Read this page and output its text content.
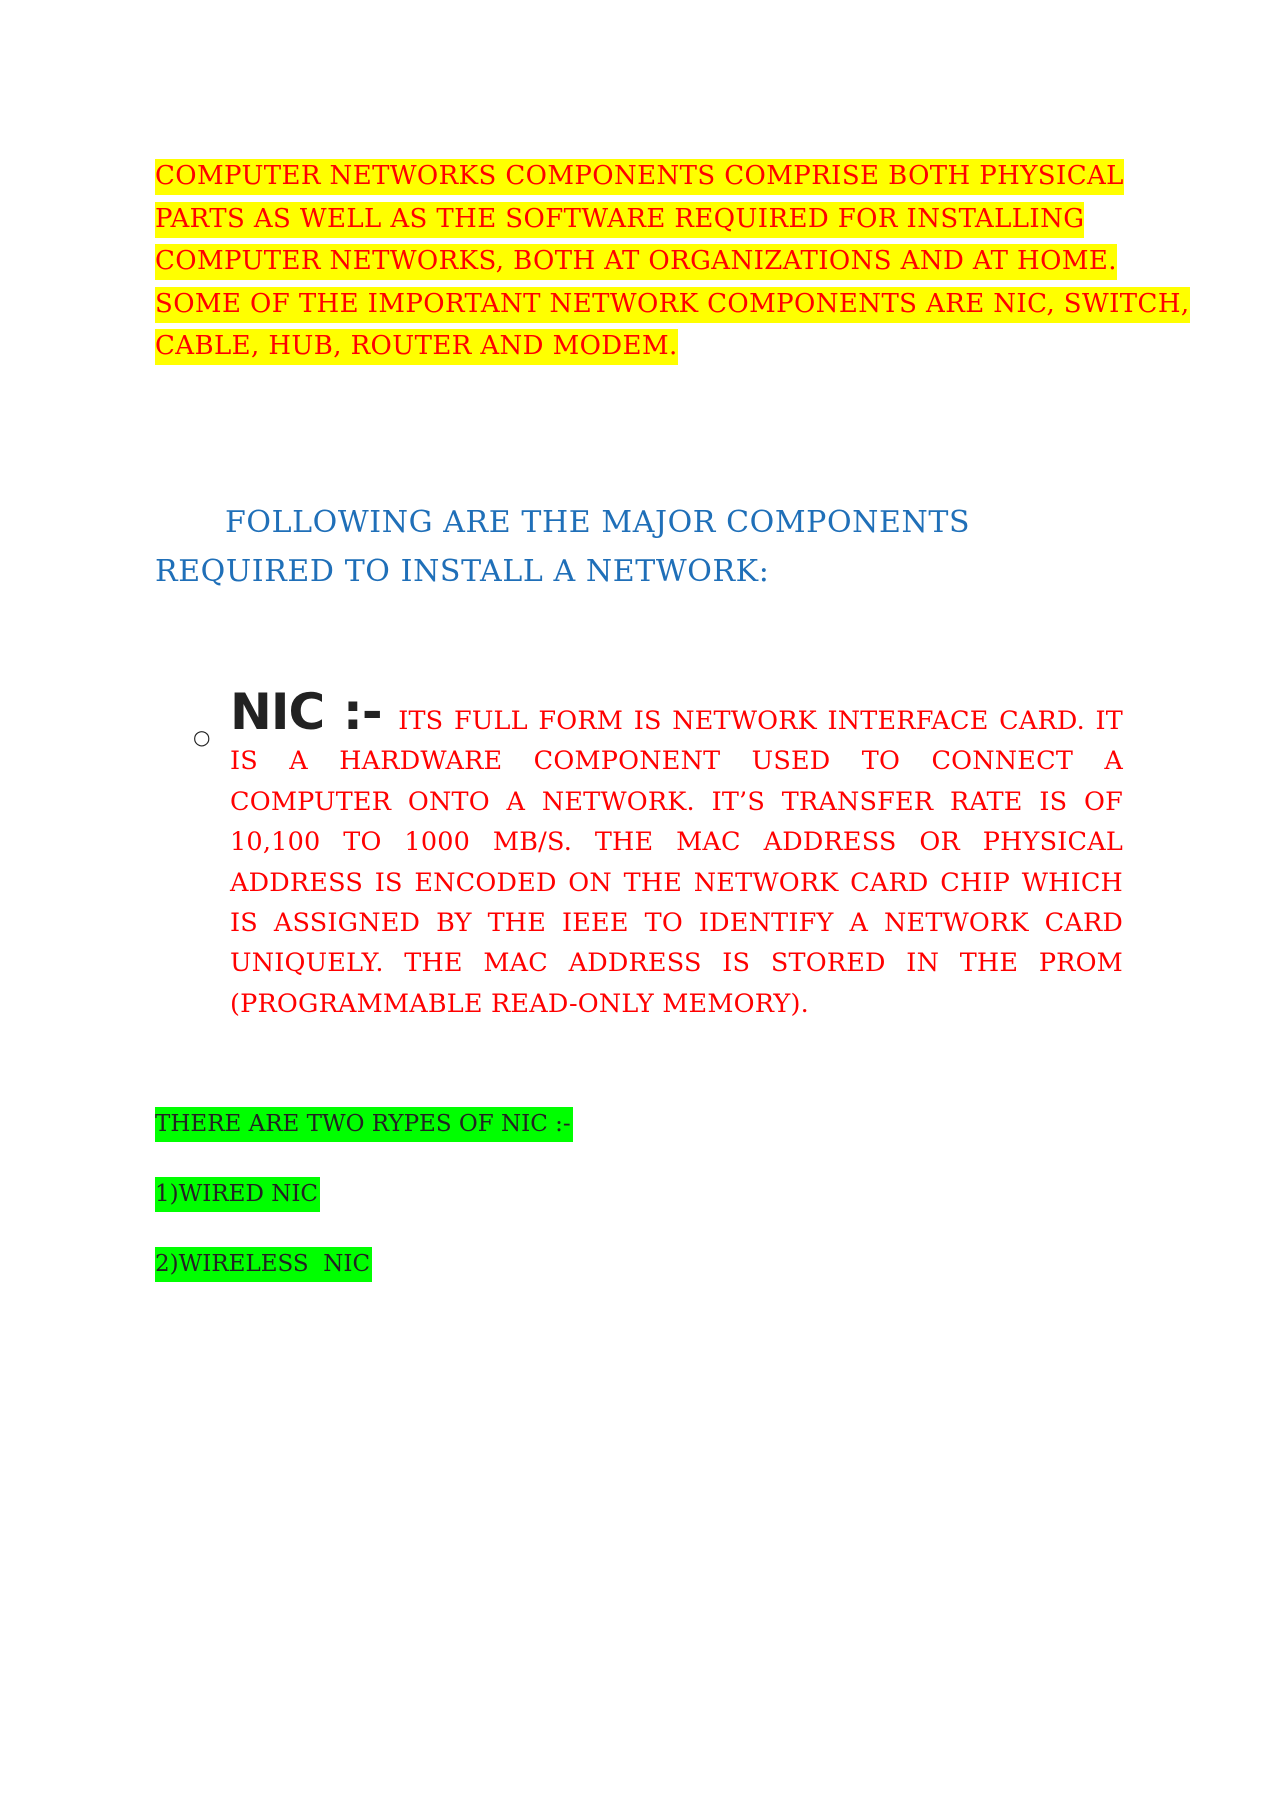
COMPUTER NETWORKS COMPONENTS COMPRISE BOTH PHYSICAL
PARTS AS WELL AS THE SOFTWARE REQUIRED FOR INSTALLING
COMPUTER NETWORKS, BOTH AT ORGANIZATIONS AND AT HOME.
SOME OF THE IMPORTANT NETWORK COMPONENTS ARE NIC, SWITCH,
CABLE, HUB, ROUTER AND MODEM.
FOLLOWING ARE THE MAJOR COMPONENTS REQUIRED TO INSTALL A NETWORK:
○ NIC :- ITS FULL FORM IS NETWORK INTERFACE CARD. IT IS A HARDWARE COMPONENT USED TO CONNECT A COMPUTER ONTO A NETWORK. IT’S TRANSFER RATE IS OF 10,100 TO 1000 MB/S. THE MAC ADDRESS OR PHYSICAL ADDRESS IS ENCODED ON THE NETWORK CARD CHIP WHICH IS ASSIGNED BY THE IEEE TO IDENTIFY A NETWORK CARD UNIQUELY. THE MAC ADDRESS IS STORED IN THE PROM (PROGRAMMABLE READ-ONLY MEMORY).
THERE ARE TWO RYPES OF NIC :-
1)WIRED NIC
2)WIRELESS  NIC
